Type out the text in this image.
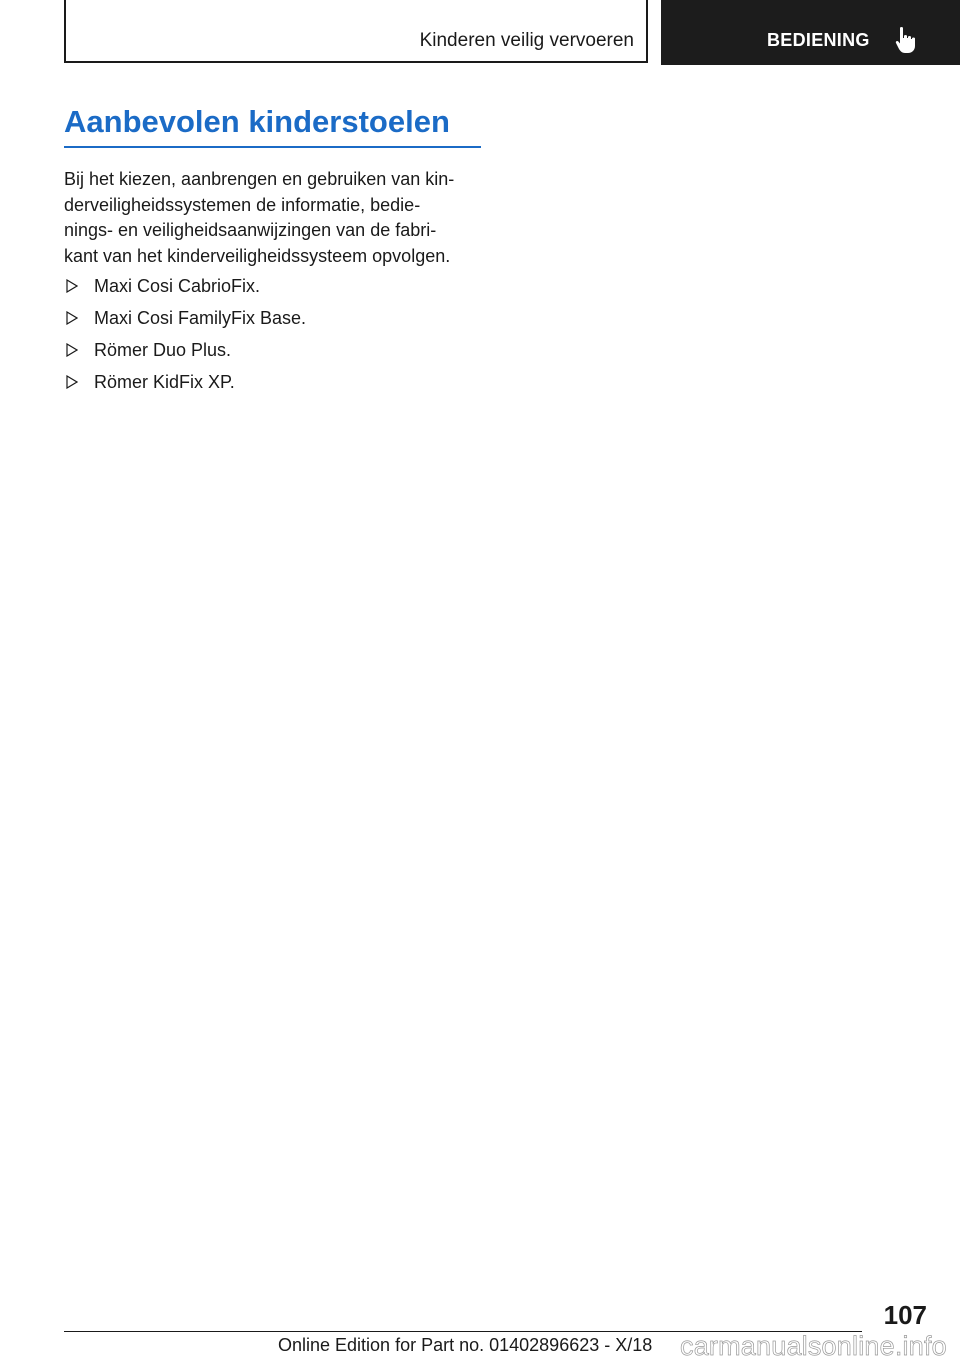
Kinderen veilig vervoeren	BEDIENING
Aanbevolen kinderstoelen

Bij het kiezen, aanbrengen en gebruiken van kin-
derveiligheidssystemen de informatie, bedie-
nings- en veiligheidsaanwijzingen van de fabri-
kant van het kinderveiligheidssysteem opvolgen.

Maxi Cosi CabrioFix.
Maxi Cosi FamilyFix Base.
Römer Duo Plus.
Römer KidFix XP.
107
Online Edition for Part no. 01402896623 - X/18 carmanualsonline.info
